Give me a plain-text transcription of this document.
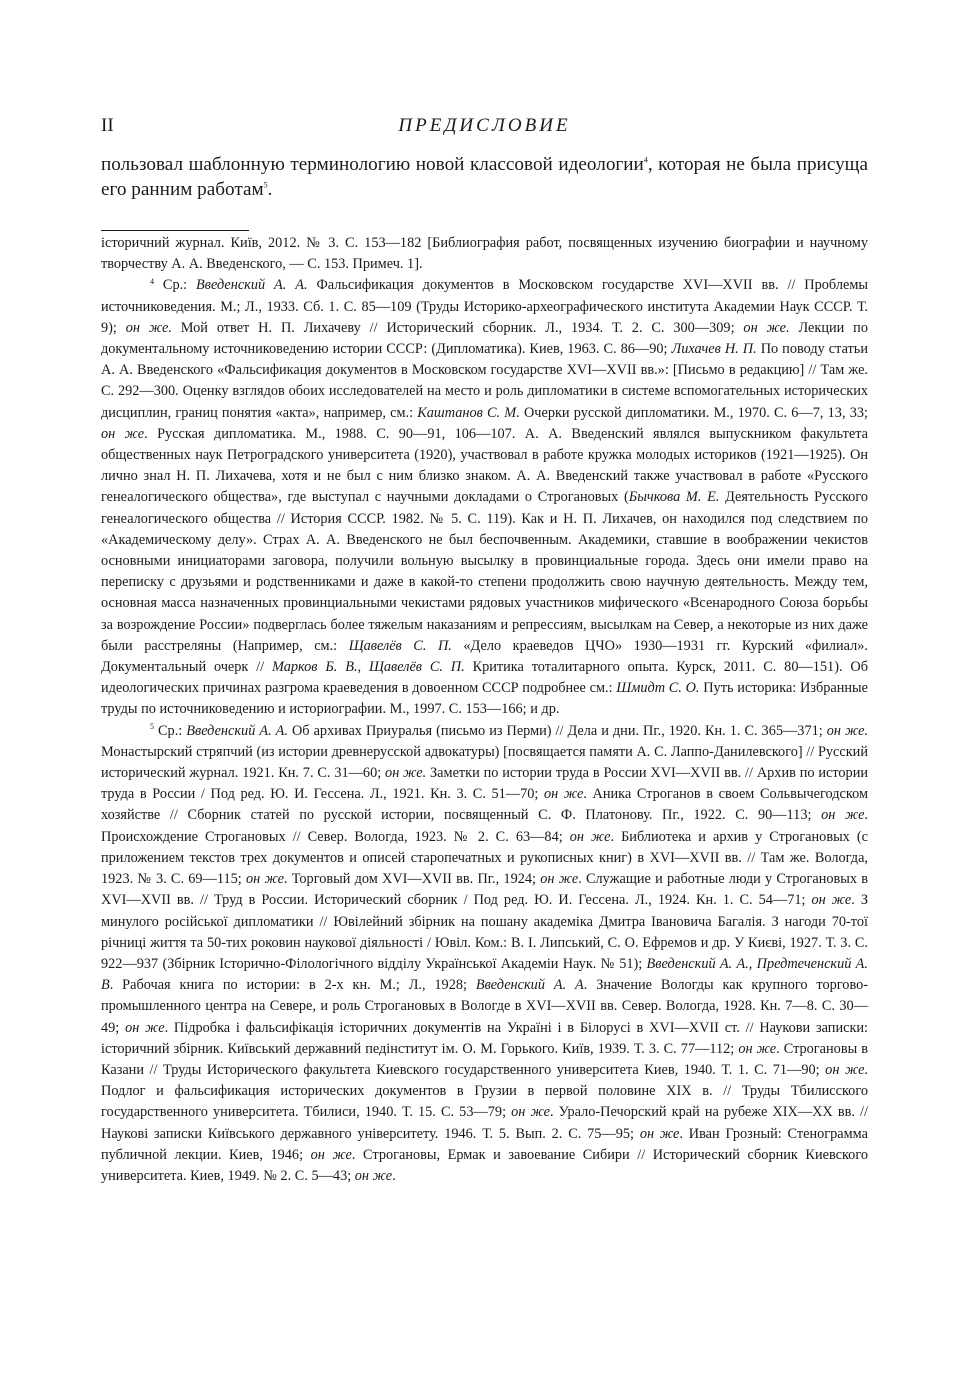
II	ПРЕДИСЛОВИЕ
пользовал шаблонную терминологию новой классовой идеологии$^4$, которая не была присуща его ранним работам$^5$.

історичний журнал. Київ, 2012. № 3. С. 153—182 [Библиография работ, посвященных изучению биографии и научному творчеству А. А. Введенского, — С. 153. Примеч. 1].

$^4$ Ср.: Введенский А. А. Фальсификация документов в Московском государстве XVI—XVII вв. // Проблемы источниковедения. М.; Л., 1933. Сб. 1. С. 85—109 (Труды Историко-археографического института Академии Наук СССР. Т. 9); он же. Мой ответ Н. П. Лихачеву // Исторический сборник. Л., 1934. Т. 2. С. 300—309; он же. Лекции по документальному источниковедению истории СССР: (Дипломатика). Киев, 1963. С. 86—90; Лихачев Н. П. По поводу статьи А. А. Введенского «Фальсификация документов в Московском государстве XVI—XVII вв.»: [Письмо в редакцию] // Там же. С. 292—300. Оценку взглядов обоих исследователей на место и роль дипломатики в системе вспомогательных исторических дисциплин, границ понятия «акта», например, см.: Каштанов С. М. Очерки русской дипломатики. М., 1970. С. 6—7, 13, 33; он же. Русская дипломатика. М., 1988. С. 90—91, 106—107. А. А. Введенский являлся выпускником факультета общественных наук Петроградского университета (1920), участвовал в работе кружка молодых историков (1921—1925). Он лично знал Н. П. Лихачева, хотя и не был с ним близко знаком. А. А. Введенский также участвовал в работе «Русского генеалогического общества», где выступал с научными докладами о Строгановых (Бычкова М. Е. Деятельность Русского генеалогического общества // История СССР. 1982. № 5. С. 119). Как и Н. П. Лихачев, он находился под следствием по «Академическому делу». Страх А. А. Введенского не был беспочвенным. Академики, ставшие в воображении чекистов основными инициаторами заговора, получили вольную высылку в провинциальные города. Здесь они имели право на переписку с друзьями и родственниками и даже в какой-то степени продолжить свою научную деятельность. Между тем, основная масса назначенных провинциальными чекистами рядовых участников мифического «Всенародного Союза борьбы за возрождение России» подверглась более тяжелым наказаниям и репрессиям, высылкам на Север, а некоторые из них даже были расстреляны (Например, см.: Щавелёв С. П. «Дело краеведов ЦЧО» 1930—1931 гг. Курский «филиал». Документальный очерк // Марков Б. В., Щавелёв С. П. Критика тоталитарного опыта. Курск, 2011. С. 80—151). Об идеологических причинах разгрома краеведения в довоенном СССР подробнее см.: Шмидт С. О. Путь историка: Избранные труды по источниковедению и историографии. М., 1997. С. 153—166; и др.

$^5$ Ср.: Введенский А. А. Об архивах Приуралья (письмо из Перми) // Дела и дни. Пг., 1920. Кн. 1. С. 365—371; он же. Монастырский стряпчий (из истории древнерусской адвокатуры) [посвящается памяти А. С. Лаппо-Данилевского] // Русский исторический журнал. 1921. Кн. 7. С. 31—60; он же. Заметки по истории труда в России XVI—XVII вв. // Архив по истории труда в России / Под ред. Ю. И. Гессена. Л., 1921. Кн. 3. С. 51—70; он же. Аника Строганов в своем Сольвычегодском хозяйстве // Сборник статей по русской истории, посвященный С. Ф. Платонову. Пг., 1922. С. 90—113; он же. Происхождение Строгановых // Север. Вологда, 1923. № 2. С. 63—84; он же. Библиотека и архив у Строгановых (с приложением текстов трех документов и описей старопечатных и рукописных книг) в XVI—XVII вв. // Там же. Вологда, 1923. № 3. С. 69—115; он же. Торговый дом XVI—XVII вв. Пг., 1924; он же. Служащие и работные люди у Строгановых в XVI—XVII вв. // Труд в России. Исторический сборник / Под ред. Ю. И. Гессена. Л., 1924. Кн. 1. С. 54—71; он же. З минулого російської дипломатики // Ювілейний збірник на пошану академіка Дмитра Івановича Багалія. З нагоди 70-тої річниці життя та 50-тих роковин наукової діяльності / Ювіл. Ком.: В. І. Липський, С. О. Ефремов и др. У Києві, 1927. Т. 3. С. 922—937 (Збірник Історично-Філологічного відділу Української Академіи Наук. № 51); Введенский А. А., Предтеченский А. В. Рабочая книга по истории: в 2-х кн. М.; Л., 1928; Введенский А. А. Значение Вологды как крупного торгово-промышленного центра на Севере, и роль Строгановых в Вологде в XVI—XVII вв. Север. Вологда, 1928. Кн. 7—8. С. 30—49; он же. Підробка і фальсифікація історичних документів на Україні і в Білорусі в XVI—XVII ст. // Наукови записки: історичний збірник. Київський державний педінститут ім. О. М. Горького. Київ, 1939. Т. 3. С. 77—112; он же. Строгановы в Казани // Труды Исторического факультета Киевского государственного университета Киев, 1940. Т. 1. С. 71—90; он же. Подлог и фальсификация исторических документов в Грузии в первой половине XIX в. // Труды Тбилисского государственного университета. Тбилиси, 1940. Т. 15. С. 53—79; он же. Урало-Печорский край на рубеже XIX—XX вв. // Наукові записки Київського державного університету. 1946. Т. 5. Вып. 2. С. 75—95; он же. Иван Грозный: Стенограмма публичной лекции. Киев, 1946; он же. Строгановы, Ермак и завоевание Сибири // Исторический сборник Киевского университета. Киев, 1949. № 2. С. 5—43; он же.
